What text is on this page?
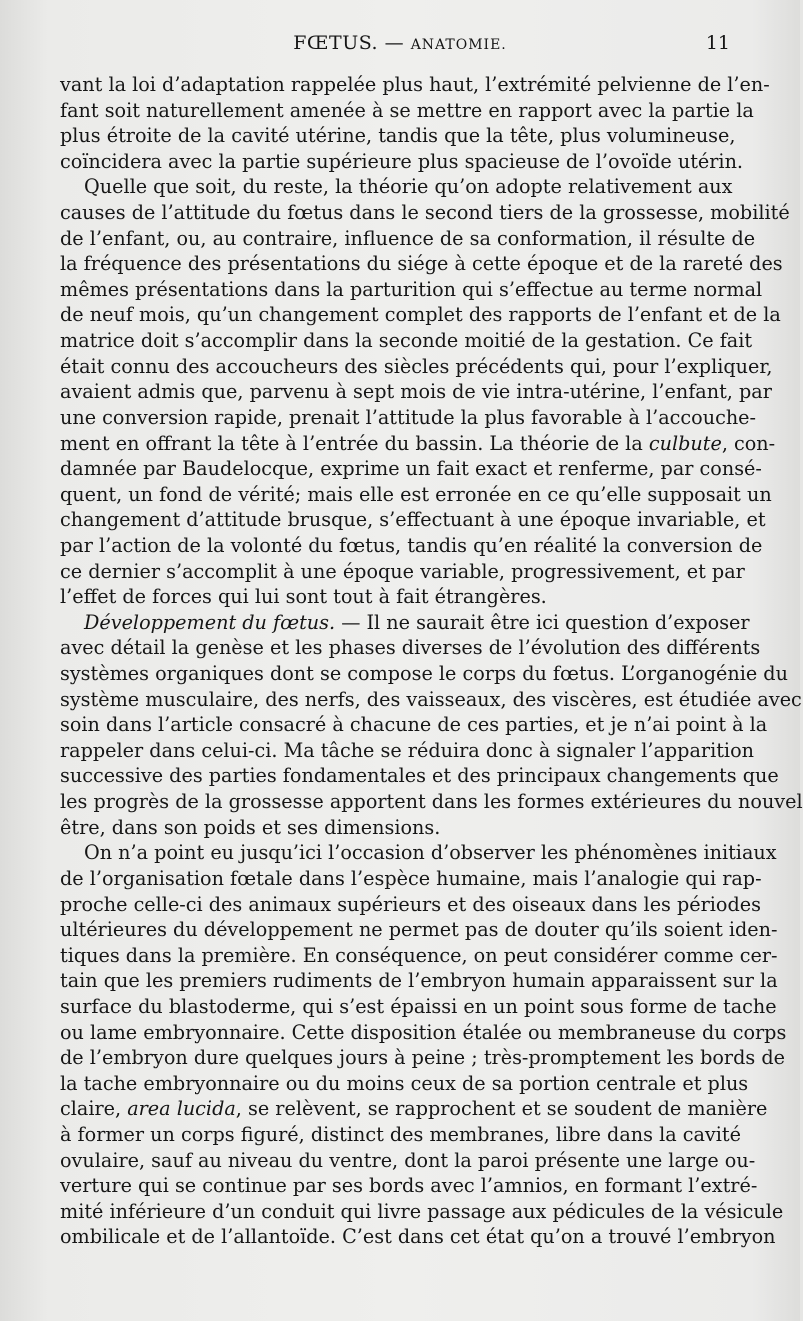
FŒTUS. — ANATOMIE.	11
vant la loi d’adaptation rappelée plus haut, l’extrémité pelvienne de l’en-
fant soit naturellement amenée à se mettre en rapport avec la partie la
plus étroite de la cavité utérine, tandis que la tête, plus volumineuse,
coïncidera avec la partie supérieure plus spacieuse de l’ovoïde utérin.
Quelle que soit, du reste, la théorie qu’on adopte relativement aux
causes de l’attitude du fœtus dans le second tiers de la grossesse, mobilité
de l’enfant, ou, au contraire, influence de sa conformation, il résulte de
la fréquence des présentations du siége à cette époque et de la rareté des
mêmes présentations dans la parturition qui s’effectue au terme normal
de neuf mois, qu’un changement complet des rapports de l’enfant et de la
matrice doit s’accomplir dans la seconde moitié de la gestation. Ce fait
était connu des accoucheurs des siècles précédents qui, pour l’expliquer,
avaient admis que, parvenu à sept mois de vie intra-utérine, l’enfant, par
une conversion rapide, prenait l’attitude la plus favorable à l’accouche-
ment en offrant la tête à l’entrée du bassin. La théorie de la culbute, con-
damnée par Baudelocque, exprime un fait exact et renferme, par consé-
quent, un fond de vérité; mais elle est erronée en ce qu’elle supposait un
changement d’attitude brusque, s’effectuant à une époque invariable, et
par l’action de la volonté du fœtus, tandis qu’en réalité la conversion de
ce dernier s’accomplit à une époque variable, progressivement, et par
l’effet de forces qui lui sont tout à fait étrangères.
Développement du fœtus. — Il ne saurait être ici question d’exposer
avec détail la genèse et les phases diverses de l’évolution des différents
systèmes organiques dont se compose le corps du fœtus. L’organogénie du
système musculaire, des nerfs, des vaisseaux, des viscères, est étudiée avec
soin dans l’article consacré à chacune de ces parties, et je n’ai point à la
rappeler dans celui-ci. Ma tâche se réduira donc à signaler l’apparition
successive des parties fondamentales et des principaux changements que
les progrès de la grossesse apportent dans les formes extérieures du nouvel
être, dans son poids et ses dimensions.
On n’a point eu jusqu’ici l’occasion d’observer les phénomènes initiaux
de l’organisation fœtale dans l’espèce humaine, mais l’analogie qui rap-
proche celle-ci des animaux supérieurs et des oiseaux dans les périodes
ultérieures du développement ne permet pas de douter qu’ils soient iden-
tiques dans la première. En conséquence, on peut considérer comme cer-
tain que les premiers rudiments de l’embryon humain apparaissent sur la
surface du blastoderme, qui s’est épaissi en un point sous forme de tache
ou lame embryonnaire. Cette disposition étalée ou membraneuse du corps
de l’embryon dure quelques jours à peine ; très-promptement les bords de
la tache embryonnaire ou du moins ceux de sa portion centrale et plus
claire, area lucida, se relèvent, se rapprochent et se soudent de manière
à former un corps figuré, distinct des membranes, libre dans la cavité
ovulaire, sauf au niveau du ventre, dont la paroi présente une large ou-
verture qui se continue par ses bords avec l’amnios, en formant l’extré-
mité inférieure d’un conduit qui livre passage aux pédicules de la vésicule
ombilicale et de l’allantoïde. C’est dans cet état qu’on a trouvé l’embryon
